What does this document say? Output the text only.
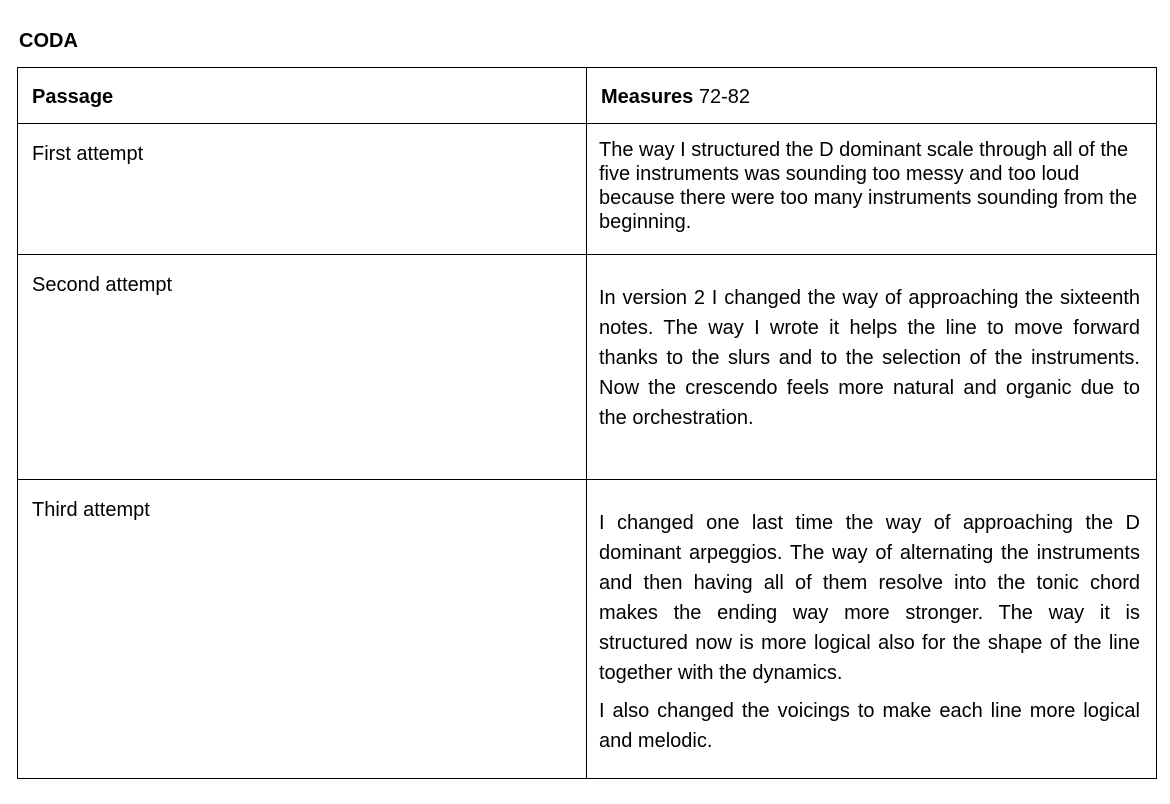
CODA
Passage	Measures 72-82
First attempt	The way I structured the D dominant scale through all of the five instruments was sounding too messy and too loud because there were too many instruments sounding from the beginning.

Second attempt	In version 2 I changed the way of approaching the sixteenth notes. The way I wrote it helps the line to move forward thanks to the slurs and to the selection of the instruments. Now the crescendo feels more natural and organic due to the orchestration.

Third attempt	I changed one last time the way of approaching the D dominant arpeggios. The way of alternating the instruments and then having all of them resolve into the tonic chord makes the ending way more stronger. The way it is structured now is more logical also for the shape of the line together with the dynamics.

I also changed the voicings to make each line more logical and melodic.
